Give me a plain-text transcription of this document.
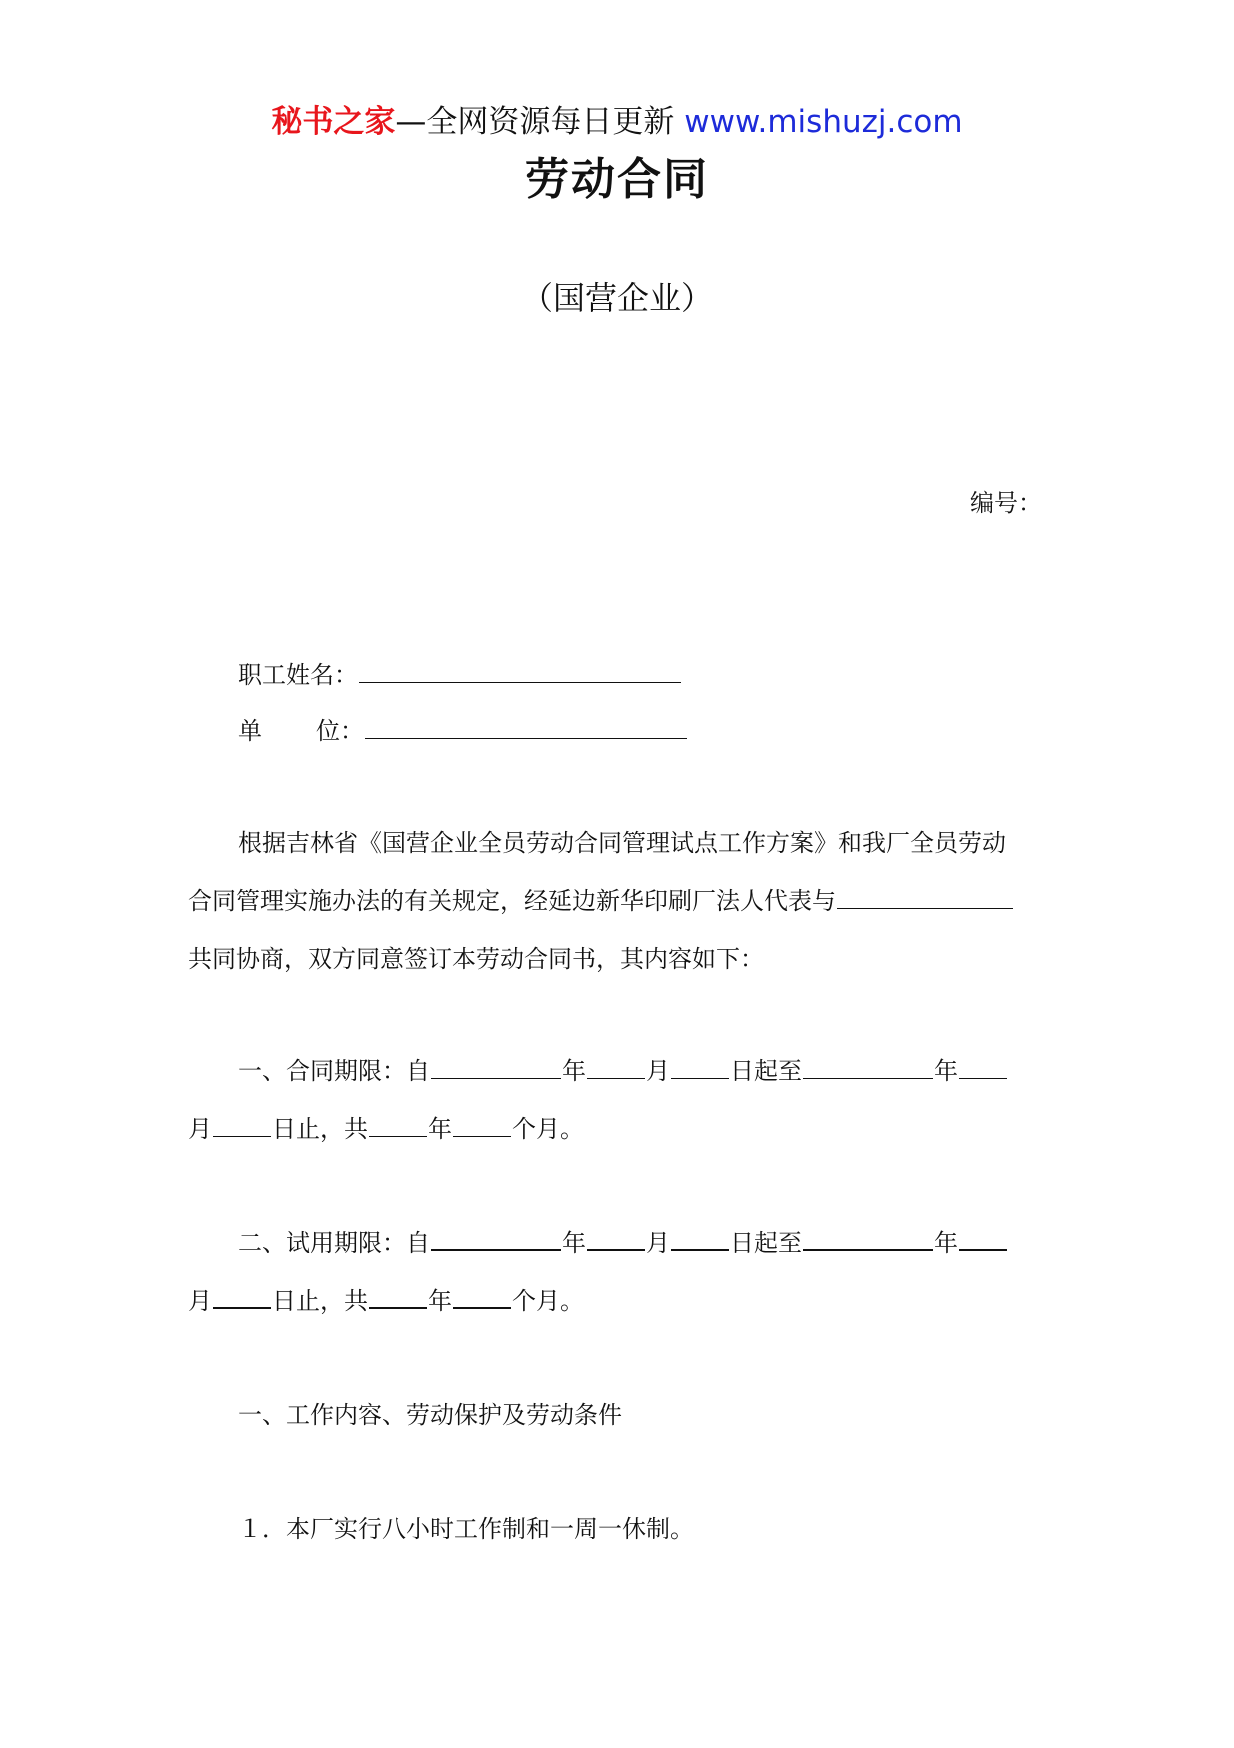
秘书之家—全网资源每日更新 www.mishuzj.com
劳动合同
（国营企业）
编号：
职工姓名：
单 位：
根据吉林省《国营企业全员劳动合同管理试点工作方案》和我厂全员劳动
合同管理实施办法的有关规定，经延边新华印刷厂法人代表与
共同协商，双方同意签订本劳动合同书，其内容如下：
一、合同期限：自	年	月	日起至	年
月	日止，共	年	个月。
二、试用期限：自	年	月	日起至	年
月	日止，共	年	个月。
一、工作内容、劳动保护及劳动条件
１．本厂实行八小时工作制和一周一休制。
